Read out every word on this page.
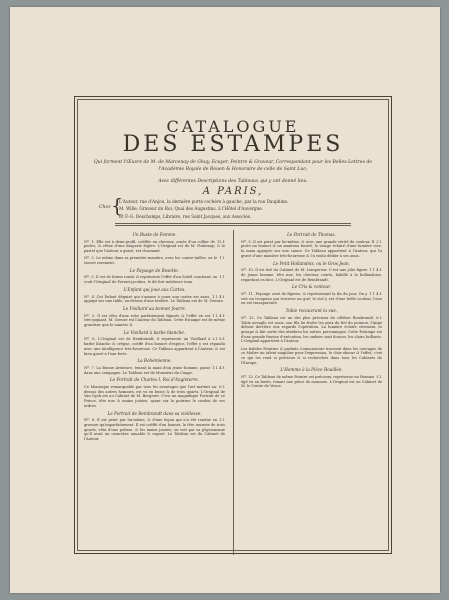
CATALOGUE
DES ESTAMPES
Qui forment l'Œuvre de M. de Marcenay de Ghuy, Ecuyer, Peintre & Graveur, Correspondant pour les Belles-Lettres de l'Académie Royale de Rouen & Honoraire de celle de Saint Luc;
Avec différentes Descriptions des Tableaux qui y ont donné lieu.
A PARIS,
Chez {
L'Auteur, rue d'Anjou, la dernière porte cochère à gauche, par la rue Dauphine.
M. Wille, Graveur du Roi, Quai des Augustins, à l'Hôtel d'Auvergne.
Et F.-G. Deschamps, Libraire, rue Saint Jacques, aux Associés.
Un Buste de Femme.
12 f.
Nº. 1. Elle est à demi-profil, coëffée en cheveux, ornée d'un collier de perles, & vêtue d'une draperie légère. L'Original est de M. Fontenay; & le pastel que l'Auteur a gravé, est charmant.
1 l.
Nº. 2. Le même dans sa première manière, avec les contre-tailles, on le trouve rarement.
Le Paysage de Rosette.
1 l.
Nº. 3. Il est de forme ronde & représente l'effet d'un Soleil couchant; on croit l'Original de Ferrari-jacobus, le dit fort médiocre tenu.
L'Enfant qui joue aux Cartes.
1 l. 4 f.
Nº. 4. Cet Enfant déguisé qui s'amuse à jouer aux cartes est assis, appuyé sur une table, au-dessus d'une fenêtre. Le Tableau est de M. Greuze.
Le Vieillard au bonnet fourré.
1 l. 4 f.
Nº. 5. Il est vêtu d'une robe parfaitement figurée & l'effet en est très-piquant. M. Greuze est l'Auteur du Tableau. Cette Estampe est de même grandeur que le numéro 4.
Le Vieillard à barbe blanche.
2 l. 8 f.
Nº. 6. L'Original est de Rembrandt; il représente un Vieillard à barbe blanche & crêpue, coëffé d'un bonnet d'espèce, l'effet y est répandu avec une intelligence très-heureuse. Ce Tableau appartient à l'Auteur, & est bien gravé à l'eau-forte.
La Bohémienne.
1 l. 4 f.
Nº. 7. La Bonne Aventure, tenant la main d'un jeune homme, passe dans une campagne. Le Tableau est de Monsieur du Cange.
Le Portrait de Charles I, Roi d'Angleterre.
6 l.
Ce Monarque remarquable par tous les avantages que l'art mettait au-dessus des autres hommes, est vu en buste & de trois quarts. L'Original de Van Dyck est au Cabinet de M. Bergeret. C'est un magnifique Portrait de ce Prince, tête nue & mains jointes, ayant sur la poitrine le cordon de ses ordres.
Le Portrait de Rembrandt dans sa vieillesse.
3 l.
Nº. 8. Il est peint par lui-même, & d'une façon qui n'a été rendue en gravure qu'imparfaitement. Il est coëffé d'un bonnet, la tête tournée de trois quarts, vêtu d'une pelisse, & les mains jointes; on voit par sa physionomie qu'il avait un caractère aimable & enjoué. Le Tableau est du Cabinet de l'Auteur.
Le Portrait de Thomas.
3 l.
Nº. 9. Il est peint par lui-même, & avec une grande vérité de couleur. Il porte un bonnet & un manteau fourré, le visage éclairé d'une lumière vive, la main appuyée sur une canne. Ce Tableau appartient à l'Auteur, qui l'a gravé d'une manière très-heureuse & l'a voulu dédier à ses amis.
Le Petit Hollandois, ou le Gros Jean.
1 l. 4 f.
Nº. 10. Il est tiré du Cabinet de M. Lempereur. C'est une jolie figure de jeune homme, tête nue, les cheveux courts, habillé à la hollandoise, regardant en face. L'Original est de Rembrandt.
Le Cris & contour.
1 l. 4 f.
Nº. 11. Paysage orné de figures, & représentant la fin du jour. On y voit un troupeau qui traverse un gué; le ciel y est d'une belle couleur, l'eau en est transparente.
Tobie recouvrant la vue.
6 l.
Nº. 12. Ce Tableau est un des plus précieux du célèbre Rembrandt. Tobie aveugle est assis, son fils lui frotte les yeux du fiel du poisson; l'Ange debout derrière eux regarde l'opération. La lumière éclaire vivement ce groupe & fait sortir des ténèbres les autres personnages. Cette Estampe est d'une grande finesse d'exécution, les ombres sont douces, les clairs brillants. L'Original appartient à l'Auteur.
Les habiles Peintres & parfaits Connoisseurs trouvent dans les ouvrages de ce Maître un talent singulier pour l'expression, le clair-obscur & l'effet; c'est ce qui les rend si précieux & si recherchés dans tous les Cabinets de l'Europe.
L'Homme à la Pièce Rouillée.
3 l.
Nº. 13. Ce Tableau de même Peintre est précieux, représente un Homme âgé vu en buste, tenant une pièce de monnoie. L'Original est au Cabinet de M. le Comte de Vence.
